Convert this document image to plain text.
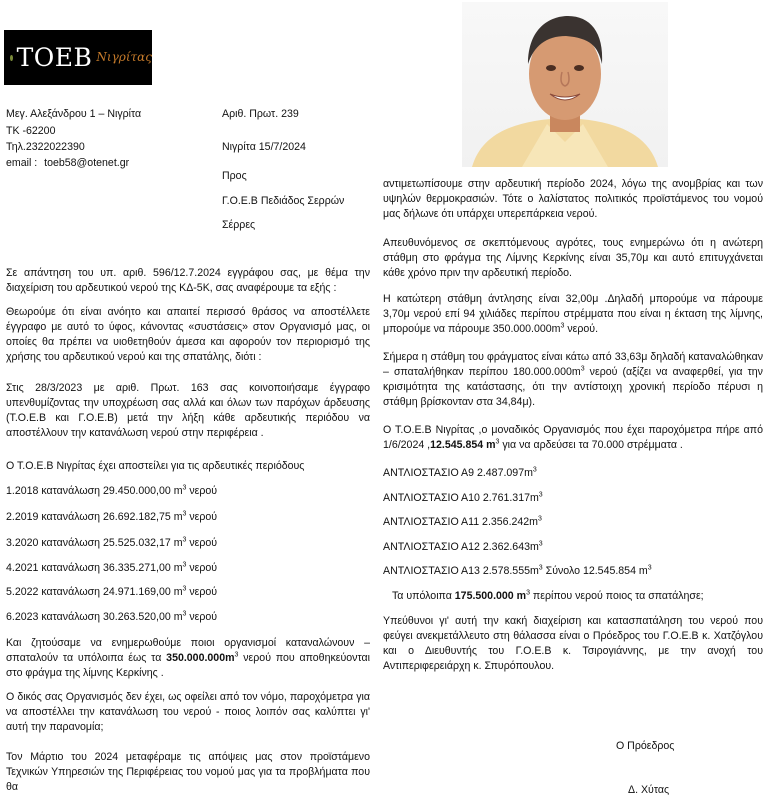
TOEB Νιγρίτας
Μεγ. Αλεξάνδρου 1 – Νιγρίτα
ΤΚ -62200
Τηλ.2322022390
email : toeb58@otenet.gr
Αριθ. Πρωτ. 239
Νιγρίτα 15/7/2024
Προς
Γ.Ο.Ε.Β Πεδιάδος Σερρών
Σέρρες
Σε απάντηση του υπ. αριθ. 596/12.7.2024 εγγράφου σας, με θέμα την διαχείριση του αρδευτικού νερού της ΚΔ-5Κ, σας αναφέρουμε τα εξής :
Θεωρούμε ότι είναι ανόητο και απαιτεί περισσό θράσος να αποστέλλετε έγγραφο με αυτό το ύφος, κάνοντας «συστάσεις» στον Οργανισμό μας, οι οποίες θα πρέπει να υιοθετηθούν άμεσα και αφορούν τον περιορισμό της χρήσης του αρδευτικού νερού και της σπατάλης, διότι :
Στις 28/3/2023 με αριθ. Πρωτ. 163 σας κοινοποιήσαμε έγγραφο υπενθυμίζοντας την υποχρέωση σας αλλά και όλων των παρόχων άρδευσης (Τ.Ο.Ε.Β και Γ.Ο.Ε.Β) μετά την λήξη κάθε αρδευτικής περιόδου να αποστέλλουν την κατανάλωση νερού στην περιφέρεια .
Ο Τ.Ο.Ε.Β Νιγρίτας έχει αποστείλει για τις αρδευτικές περιόδους
1.2018 κατανάλωση 29.450.000,00 $m^3$ νερού
2.2019 κατανάλωση 26.692.182,75 $m^3$ νερού
3.2020 κατανάλωση 25.525.032,17 $m^3$ νερού
4.2021 κατανάλωση 36.335.271,00 $m^3$ νερού
5.2022 κατανάλωση 24.971.169,00 $m^3$ νερού
6.2023 κατανάλωση 30.263.520,00 $m^3$ νερού
Και ζητούσαμε να ενημερωθούμε ποιοι οργανισμοί καταναλώνουν – σπαταλούν τα υπόλοιπα έως τα $350.000.000m^3$ νερού που αποθηκεύονται στο φράγμα της λίμνης Κερκίνης .
Ο δικός σας Οργανισμός δεν έχει, ως οφείλει από τον νόμο, παροχόμετρα για να αποστέλλει την κατανάλωση του νερού - ποιος λοιπόν σας καλύπτει γι' αυτή την παρανομία;
Τον Μάρτιο του 2024 μεταφέραμε τις απόψεις μας στον προϊστάμενο Τεχνικών Υπηρεσιών της Περιφέρειας του νομού μας για τα προβλήματα που θα
αντιμετωπίσουμε στην αρδευτική περίοδο 2024, λόγω της ανομβρίας και των υψηλών θερμοκρασιών. Τότε ο λαλίστατος πολιτικός προϊστάμενος του νομού μας δήλωνε ότι υπάρχει υπερεπάρκεια νερού.
Απευθυνόμενος σε σκεπτόμενους αγρότες, τους ενημερώνω ότι η ανώτερη στάθμη στο φράγμα της Λίμνης Κερκίνης είναι 35,70μ και αυτό επιτυγχάνεται κάθε χρόνο πριν την αρδευτική περίοδο.
Η κατώτερη στάθμη άντλησης είναι 32,00μ .Δηλαδή μπορούμε να πάρουμε 3,70μ νερού επί 94 χιλιάδες περίπου στρέμματα που είναι η έκταση της λίμνης, μπορούμε να πάρουμε $350.000.000m^3$ νερού.
Σήμερα η στάθμη του φράγματος είναι κάτω από 33,63μ δηλαδή καταναλώθηκαν – σπαταλήθηκαν περίπου $180.000.000m^3$ νερού (αξίζει να αναφερθεί, για την κρισιμότητα της κατάστασης, ότι την αντίστοιχη χρονική περίοδο πέρυσι η στάθμη βρίσκονταν στα 34,84μ).
Ο Τ.Ο.Ε.Β Νιγρίτας ,ο μοναδικός Οργανισμός που έχει παροχόμετρα πήρε από 1/6/2024 ,12.545.854 $m^3$ για να αρδεύσει τα 70.000 στρέμματα .
ΑΝΤΛΙΟΣΤΑΣΙΟ Α9 $2.487.097m^3$
ΑΝΤΛΙΟΣΤΑΣΙΟ Α10 $2.761.317m^3$
ΑΝΤΛΙΟΣΤΑΣΙΟ Α11 $2.356.242m^3$
ΑΝΤΛΙΟΣΤΑΣΙΟ Α12 $2.362.643m^3$
ΑΝΤΛΙΟΣΤΑΣΙΟ Α13 $2.578.555m^3$ Σύνολο 12.545.854 $m^3$
Τα υπόλοιπα 175.500.000 $m^3$ περίπου νερού ποιος τα σπατάλησε;
Υπεύθυνοι γι' αυτή την κακή διαχείριση και κατασπατάληση του νερού που φεύγει ανεκμετάλλευτο στη θάλασσα είναι ο Πρόεδρος του Γ.Ο.Ε.Β κ. Χατζόγλου και ο Διευθυντής του Γ.Ο.Ε.Β κ. Τσιρογιάννης, με την ανοχή του Αντιπεριφερειάρχη κ. Σπυρόπουλου.
Ο Πρόεδρος
Δ. Χύτας
